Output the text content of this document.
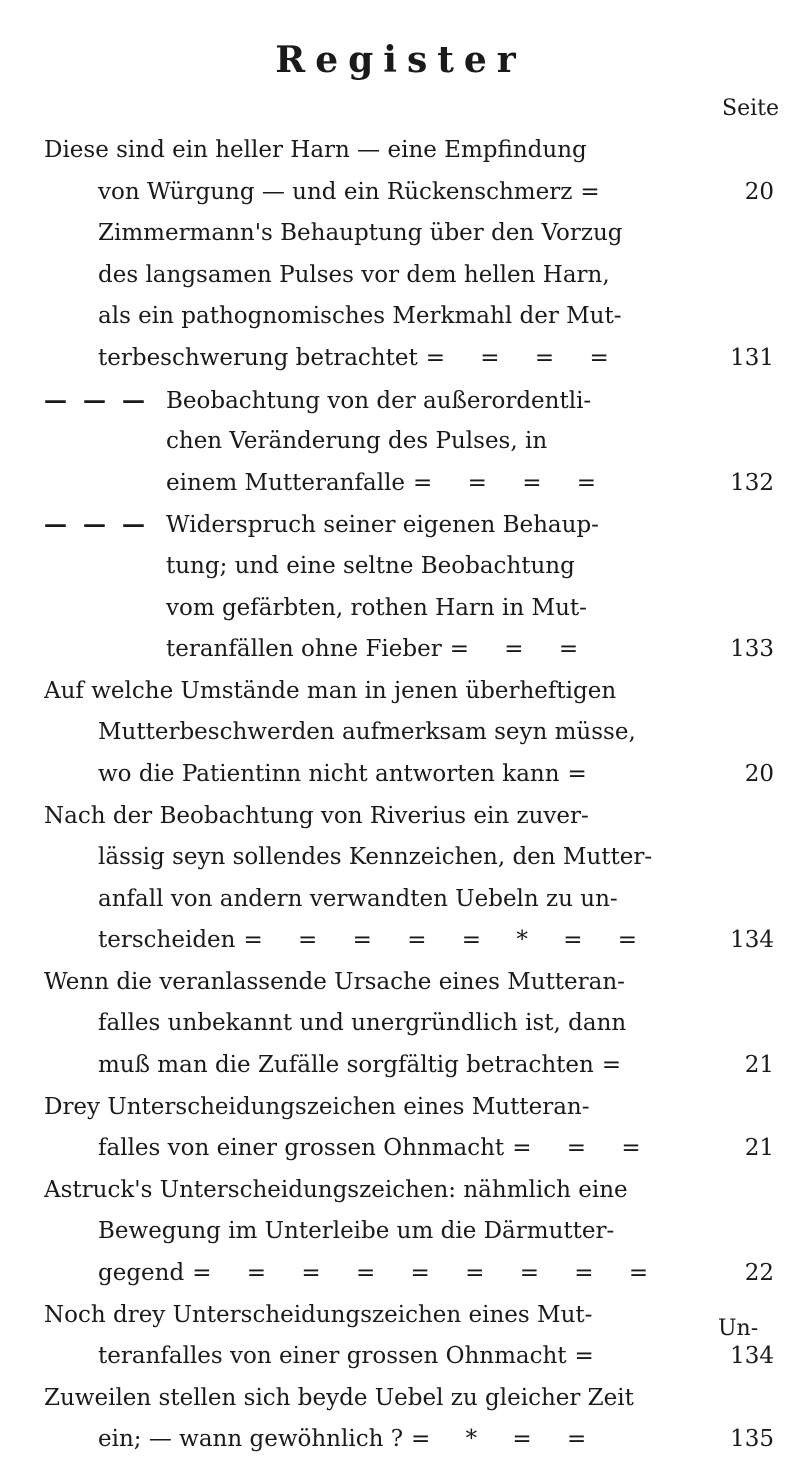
Register
Seite
Diese sind ein heller Harn — eine Empfindung
von Würgung — und ein Rückenschmerz =	20
Zimmermann's Behauptung über den Vorzug
des langsamen Pulses vor dem hellen Harn,
als ein pathognomisches Merkmahl der Mut-
terbeschwerung betrachtet = = = =	131
— — — Beobachtung von der außerordentli-
chen Veränderung des Pulses, in
einem Mutteranfalle = = = =	132
— — — Widerspruch seiner eigenen Behaup-
tung; und eine seltne Beobachtung
vom gefärbten, rothen Harn in Mut-
teranfällen ohne Fieber = = =	133
Auf welche Umstände man in jenen überheftigen
Mutterbeschwerden aufmerksam seyn müsse,
wo die Patientinn nicht antworten kann =	20
Nach der Beobachtung von Riverius ein zuver-
lässig seyn sollendes Kennzeichen, den Mutter-
anfall von andern verwandten Uebeln zu un-
terscheiden = = = = = * = =	134
Wenn die veranlassende Ursache eines Mutteran-
falles unbekannt und unergründlich ist, dann
muß man die Zufälle sorgfältig betrachten =	21
Drey Unterscheidungszeichen eines Mutteran-
falles von einer grossen Ohnmacht = = =	21
Astruck's Unterscheidungszeichen: nähmlich eine
Bewegung im Unterleibe um die Därmutter-
gegend = = = = = = = = =	22
Noch drey Unterscheidungszeichen eines Mut-
teranfalles von einer grossen Ohnmacht =	134
Zuweilen stellen sich beyde Uebel zu gleicher Zeit
ein; — wann gewöhnlich ? = * = =	135
Un-
